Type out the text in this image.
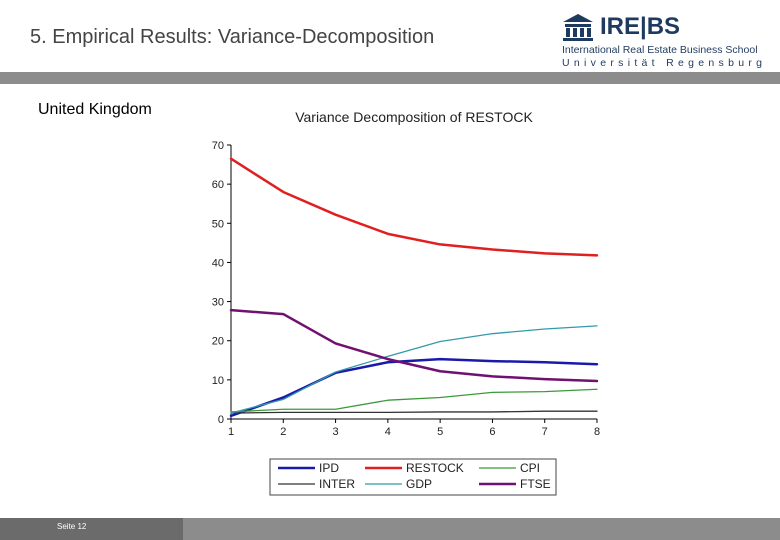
5. Empirical Results: Variance-Decomposition	IRE|BS
International Real Estate Business School
Universität Regensburg
United Kingdom	Variance Decomposition of RESTOCK
0
10
20
30
40
50
60
70
1	2	3	4	5	6	7	8
IPD	RESTOCK	CPI
INTER	GDP	FTSE
Seite 12
